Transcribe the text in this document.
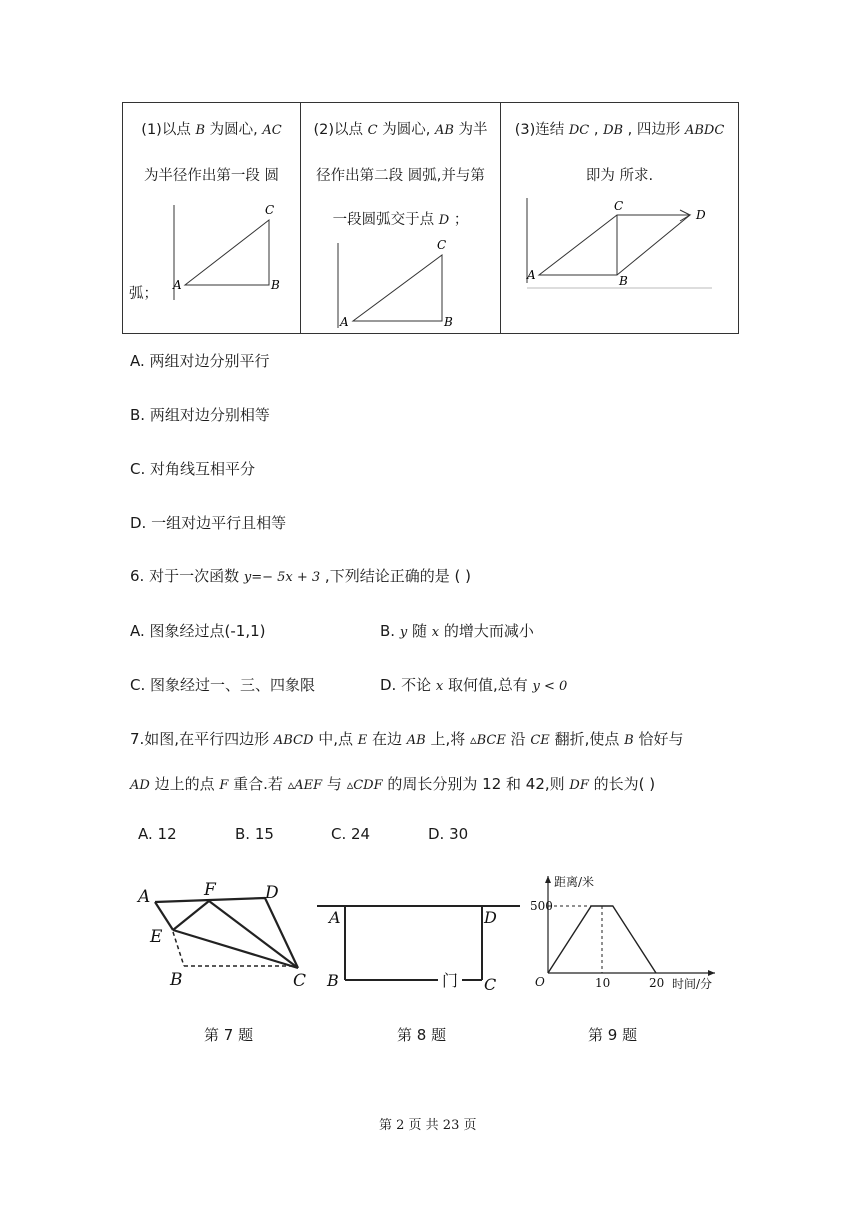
(1)以点 B 为圆心, AC
为半径作出第一段 圆
弧；
(2)以点 C 为圆心, AB 为半
径作出第二段 圆弧,并与第
一段圆弧交于点 D ；
(3)连结 DC , DB , 四边形 ABDC
即为 所求.
A	B
C
A	B
C
A	B
C
D
A. 两组对边分别平行
B. 两组对边分别相等
C. 对角线互相平分
D. 一组对边平行且相等
6. 对于一次函数 y=− 5x + 3 ,下列结论正确的是 ( )
A. 图象经过点(-1,1)	B. y 随 x 的增大而减小
C. 图象经过一、三、四象限	D. 不论 x 取何值,总有 y < 0
7.如图,在平行四边形 ABCD 中,点 E 在边 AB 上,将 ▵BCE 沿 CE 翻折,使点 B 恰好与
AD 边上的点 F 重合.若 ▵AEF 与 ▵CDF 的周长分别为 12 和 42,则 DF 的长为( )
A. 12	B. 15	C. 24	D. 30
A	F	D
E
B	C
第 7 题
A	D
B	C
门
第 8 题
距离/米
时间/分
O
500
10	20
第 9 题
第 2 页 共 23 页
